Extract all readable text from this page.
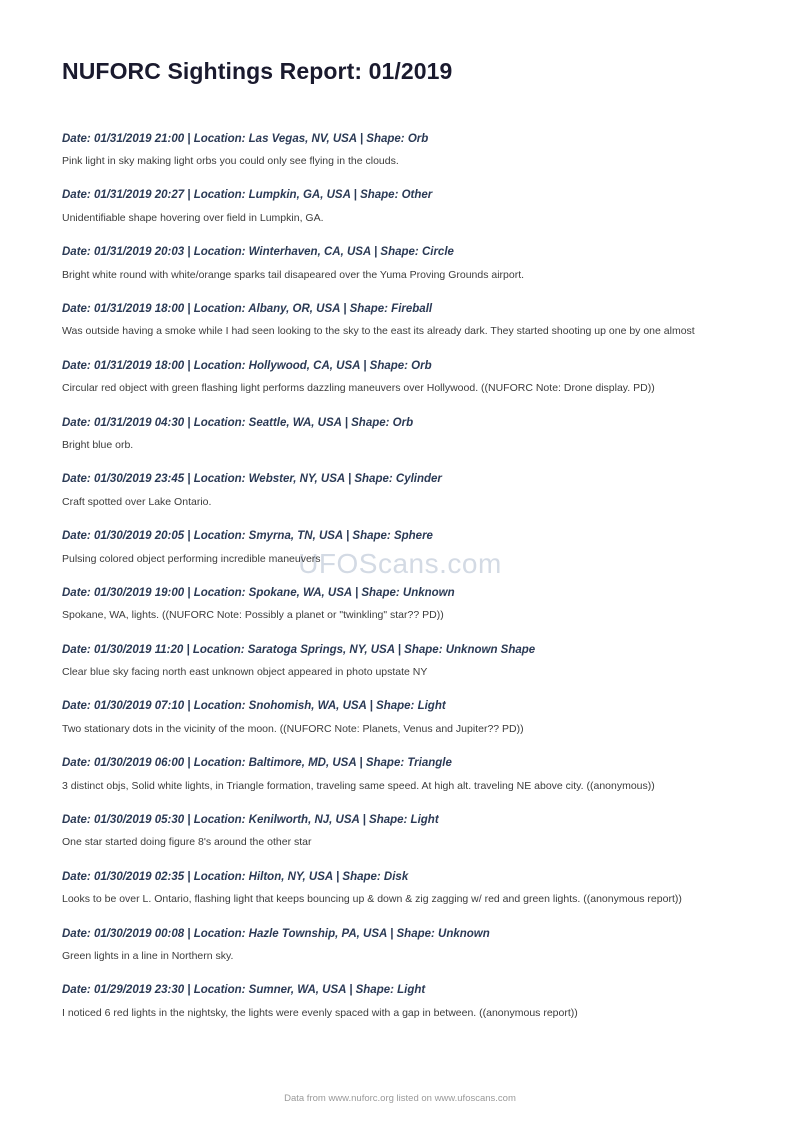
NUFORC Sightings Report: 01/2019
UFOScans.com
Date: 01/31/2019 21:00 | Location: Las Vegas, NV, USA | Shape: Orb
Pink light in sky making light orbs you could only see flying in the clouds.
Date: 01/31/2019 20:27 | Location: Lumpkin, GA, USA | Shape: Other
Unidentifiable shape hovering over field in Lumpkin, GA.
Date: 01/31/2019 20:03 | Location: Winterhaven, CA, USA | Shape: Circle
Bright white round with white/orange sparks tail disapeared over the Yuma Proving Grounds airport.
Date: 01/31/2019 18:00 | Location: Albany, OR, USA | Shape: Fireball
Was outside having a smoke while I had seen looking to the sky to the east its already dark. They started shooting up one by one almost
Date: 01/31/2019 18:00 | Location: Hollywood, CA, USA | Shape: Orb
Circular red object with green flashing light performs dazzling maneuvers over Hollywood. ((NUFORC Note: Drone display. PD))
Date: 01/31/2019 04:30 | Location: Seattle, WA, USA | Shape: Orb
Bright blue orb.
Date: 01/30/2019 23:45 | Location: Webster, NY, USA | Shape: Cylinder
Craft spotted over Lake Ontario.
Date: 01/30/2019 20:05 | Location: Smyrna, TN, USA | Shape: Sphere
Pulsing colored object performing incredible maneuvers
Date: 01/30/2019 19:00 | Location: Spokane, WA, USA | Shape: Unknown
Spokane, WA, lights. ((NUFORC Note: Possibly a planet or "twinkling" star?? PD))
Date: 01/30/2019 11:20 | Location: Saratoga Springs, NY, USA | Shape: Unknown Shape
Clear blue sky facing north east unknown object appeared in photo upstate NY
Date: 01/30/2019 07:10 | Location: Snohomish, WA, USA | Shape: Light
Two stationary dots in the vicinity of the moon. ((NUFORC Note: Planets, Venus and Jupiter?? PD))
Date: 01/30/2019 06:00 | Location: Baltimore, MD, USA | Shape: Triangle
3 distinct objs, Solid white lights, in Triangle formation, traveling same speed. At high alt. traveling NE above city. ((anonymous))
Date: 01/30/2019 05:30 | Location: Kenilworth, NJ, USA | Shape: Light
One star started doing figure 8's around the other star
Date: 01/30/2019 02:35 | Location: Hilton, NY, USA | Shape: Disk
Looks to be over L. Ontario, flashing light that keeps bouncing up & down & zig zagging w/ red and green lights. ((anonymous report))
Date: 01/30/2019 00:08 | Location: Hazle Township, PA, USA | Shape: Unknown
Green lights in a line in Northern sky.
Date: 01/29/2019 23:30 | Location: Sumner, WA, USA | Shape: Light
I noticed 6 red lights in the nightsky, the lights were evenly spaced with a gap in between. ((anonymous report))
Data from www.nuforc.org listed on www.ufoscans.com
